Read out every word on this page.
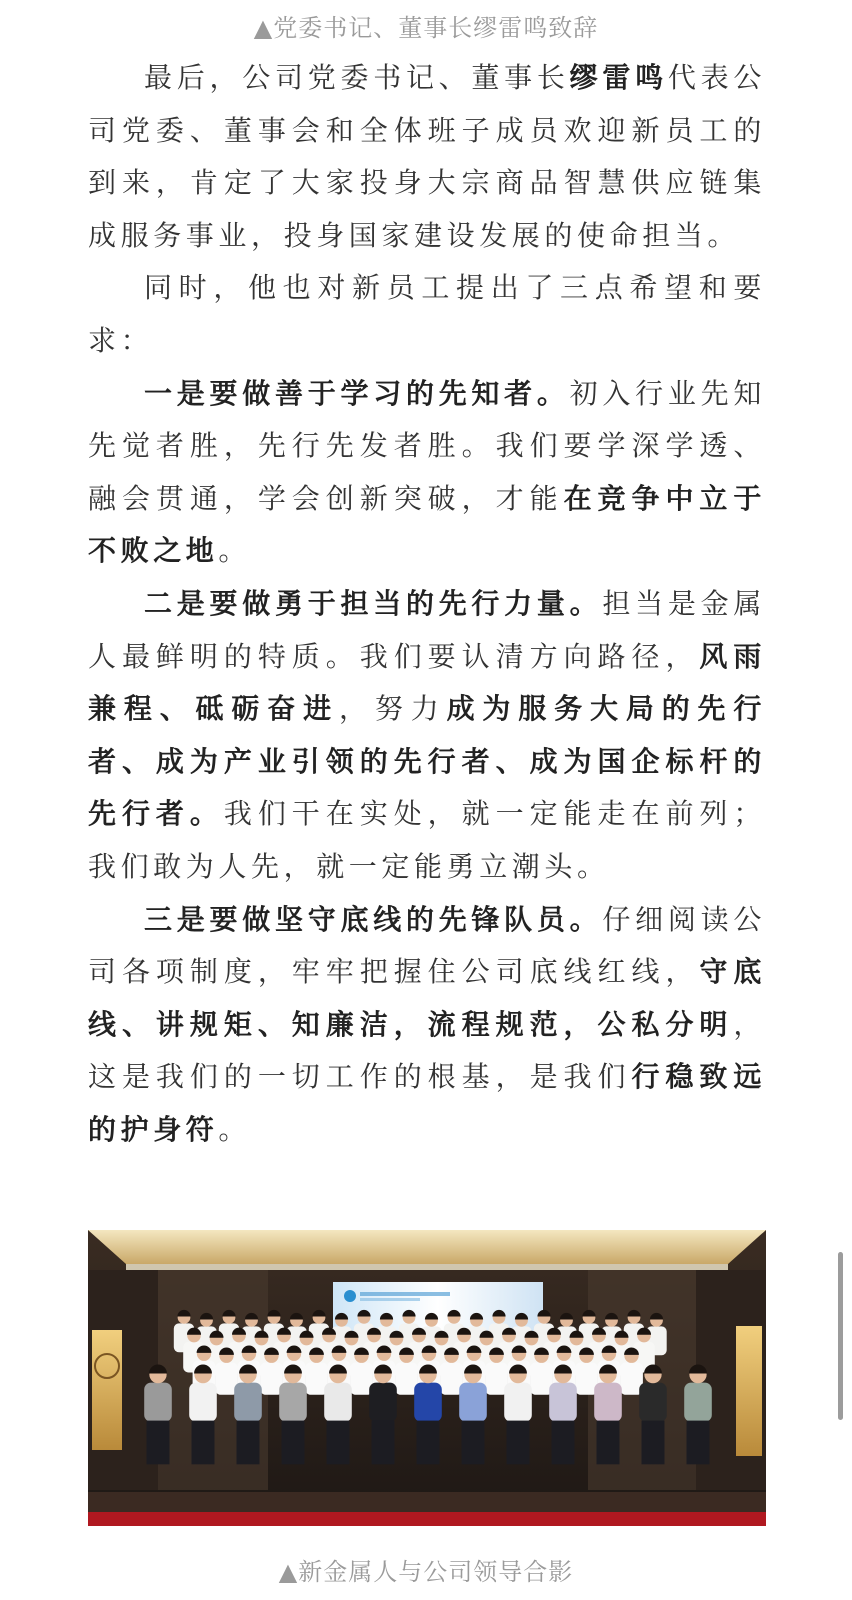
▲党委书记、董事长缪雷鸣致辞

最后，公司党委书记、董事长缪雷鸣代表公司党委、董事会和全体班子成员欢迎新员工的到来，肯定了大家投身大宗商品智慧供应链集成服务事业，投身国家建设发展的使命担当。

同时，他也对新员工提出了三点希望和要求：

一是要做善于学习的先知者。初入行业先知先觉者胜，先行先发者胜。我们要学深学透、融会贯通，学会创新突破，才能在竞争中立于不败之地。

二是要做勇于担当的先行力量。担当是金属人最鲜明的特质。我们要认清方向路径，风雨兼程、砥砺奋进，努力成为服务大局的先行者、成为产业引领的先行者、成为国企标杆的先行者。我们干在实处，就一定能走在前列；我们敢为人先，就一定能勇立潮头。

三是要做坚守底线的先锋队员。仔细阅读公司各项制度，牢牢把握住公司底线红线，守底线、讲规矩、知廉洁，流程规范，公私分明，这是我们的一切工作的根基，是我们行稳致远的护身符。

▲新金属人与公司领导合影
